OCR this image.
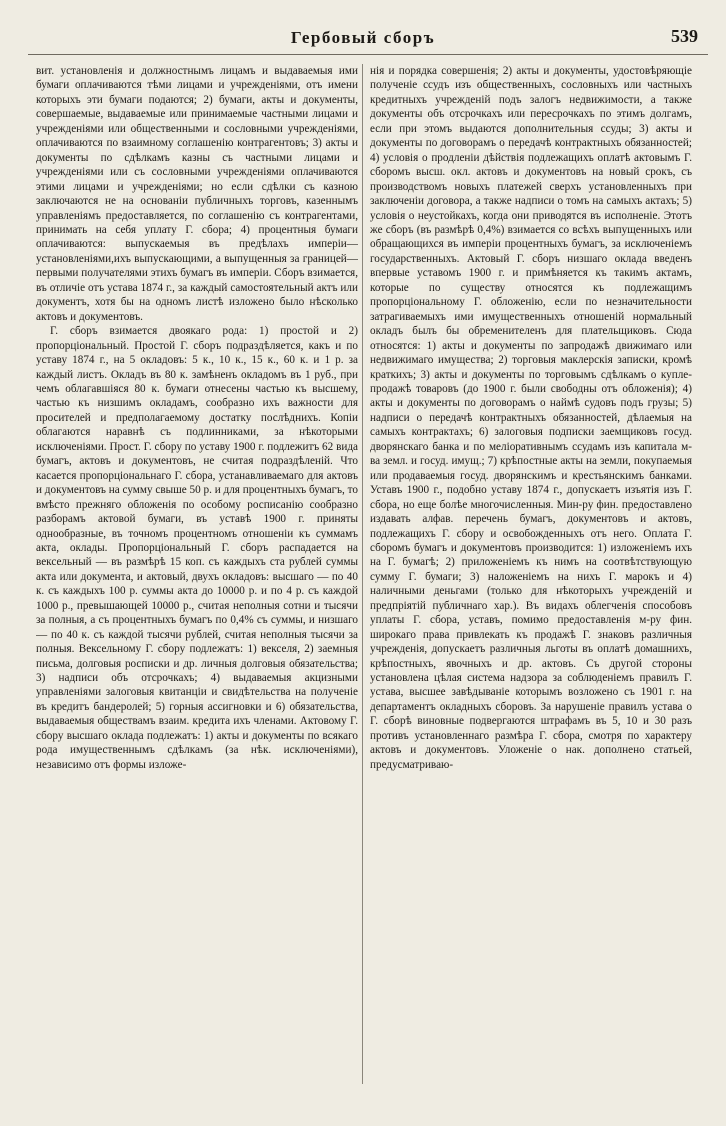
Гербовый сборъ	539

вит. установленія и должностнымъ лицамъ и выдаваемыя ими бумаги оплачиваются тѣми лицами и учрежденіями, отъ имени которыхъ эти бумаги подаются; 2) бумаги, акты и документы, совершаемые, выдаваемые или принимаемые частными лицами и учрежденіями или общественными и сословными учрежденіями, оплачиваются по взаимному соглашенію контрагентовъ; 3) акты и документы по сдѣлкамъ казны съ частными лицами и учрежденіями или съ сословными учрежденіями оплачиваются этими лицами и учрежденіями; но если сдѣлки съ казною заключаются не на основаніи публичныхъ торговъ, казеннымъ управленіямъ предоставляется, по соглашенію съ контрагентами, принимать на себя уплату Г. сбора; 4) процентныя бумаги оплачиваются: выпускаемыя въ предѣлахъ имперіи—установленіями,ихъ выпускающими, а выпущенныя за границей—первыми получателями этихъ бумагъ въ имперіи. Сборъ взимается, въ отличіе отъ устава 1874 г., за каждый самостоятельный актъ или документъ, хотя бы на одномъ листѣ изложено было нѣсколько актовъ и документовъ.

Г. сборъ взимается двоякаго рода: 1) простой и 2) пропорціональный. Простой Г. сборъ подраздѣляется, какъ и по уставу 1874 г., на 5 окладовъ: 5 к., 10 к., 15 к., 60 к. и 1 р. за каждый листъ. Окладъ въ 80 к. замѣненъ окладомъ въ 1 руб., при чемъ облагавшіяся 80 к. бумаги отнесены частью къ высшему, частью къ низшимъ окладамъ, сообразно ихъ важности для просителей и предполагаемому достатку послѣднихъ. Копіи облагаются наравнѣ съ подлинниками, за нѣкоторыми исключеніями. Прост. Г. сбору по уставу 1900 г. подлежитъ 62 вида бумагъ, актовъ и документовъ, не считая подраздѣленій. Что касается пропорціональнаго Г. сбора, устанавливаемаго для актовъ и документовъ на сумму свыше 50 р. и для процентныхъ бумагъ, то вмѣсто прежняго обложенія по особому росписанію сообразно разборамъ актовой бумаги, въ уставѣ 1900 г. приняты однообразные, въ точномъ процентномъ отношеніи къ суммамъ акта, оклады. Пропорціональный Г. сборъ распадается на вексельный — въ размѣрѣ 15 коп. съ каждыхъ ста рублей суммы акта или документа, и актовый, двухъ окладовъ: высшаго — по 40 к. съ каждыхъ 100 р. суммы акта до 10000 р. и по 4 р. съ каждой 1000 р., превышающей 10000 р., считая неполныя сотни и тысячи за полныя, а съ процентныхъ бумагъ по 0,4% съ суммы, и низшаго — по 40 к. съ каждой тысячи рублей, считая неполныя тысячи за полныя. Вексельному Г. сбору подлежатъ: 1) векселя, 2) заемныя письма, долговыя росписки и др. личныя долговыя обязательства; 3) надписи объ отсрочкахъ; 4) выдаваемыя акцизными управленіями залоговыя квитанціи и свидѣтельства на полученіе въ кредитъ бандеролей; 5) горныя ассигновки и 6) обязательства, выдаваемыя обществамъ взаим. кредита ихъ членами. Актовому Г. сбору высшаго оклада подлежатъ: 1) акты и документы по всякаго рода имущественнымъ сдѣлкамъ (за нѣк. исключеніями), независимо отъ формы изложе-

нія и порядка совершенія; 2) акты и документы, удостовѣряющіе полученіе ссудъ изъ общественныхъ, сословныхъ или частныхъ кредитныхъ учрежденій подъ залогъ недвижимости, а также документы объ отсрочкахъ или пересрочкахъ по этимъ долгамъ, если при этомъ выдаются дополнительныя ссуды; 3) акты и документы по договорамъ о передачѣ контрактныхъ обязанностей; 4) условія о продленіи дѣйствія подлежащихъ оплатѣ актовымъ Г. сборомъ высш. окл. актовъ и документовъ на новый срокъ, съ производствомъ новыхъ платежей сверхъ установленныхъ при заключеніи договора, а также надписи о томъ на самыхъ актахъ; 5) условія о неустойкахъ, когда они приводятся въ исполненіе. Этотъ же сборъ (въ размѣрѣ 0,4%) взимается со всѣхъ выпущенныхъ или обращающихся въ имперіи процентныхъ бумагъ, за исключеніемъ государственныхъ. Актовый Г. сборъ низшаго оклада введенъ впервые уставомъ 1900 г. и примѣняется къ такимъ актамъ, которые по существу относятся къ подлежащимъ пропорціональному Г. обложенію, если по незначительности затрагиваемыхъ ими имущественныхъ отношеній нормальный окладъ былъ бы обременителенъ для плательщиковъ. Сюда относятся: 1) акты и документы по запродажѣ движимаго или недвижимаго имущества; 2) торговыя маклерскія записки, кромѣ краткихъ; 3) акты и документы по торговымъ сдѣлкамъ о купле-продажѣ товаровъ (до 1900 г. были свободны отъ обложенія); 4) акты и документы по договорамъ о наймѣ судовъ подъ грузы; 5) надписи о передачѣ контрактныхъ обязанностей, дѣлаемыя на самыхъ контрактахъ; 6) залоговыя подписки заемщиковъ госуд. дворянскаго банка и по меліоративнымъ ссудамъ изъ капитала м-ва земл. и госуд. имущ.; 7) крѣпостные акты на земли, покупаемыя или продаваемыя госуд. дворянскимъ и крестьянскимъ банками. Уставъ 1900 г., подобно уставу 1874 г., допускаетъ изъятія изъ Г. сбора, но еще болѣе многочисленныя. Мин-ру фин. предоставлено издавать алфав. перечень бумагъ, документовъ и актовъ, подлежащихъ Г. сбору и освобожденныхъ отъ него. Оплата Г. сборомъ бумагъ и документовъ производится: 1) изложеніемъ ихъ на Г. бумагѣ; 2) приложеніемъ къ нимъ на соотвѣтствующую сумму Г. бумаги; 3) наложеніемъ на нихъ Г. марокъ и 4) наличными деньгами (только для нѣкоторыхъ учрежденій и предпріятій публичнаго хар.). Въ видахъ облегченія способовъ уплаты Г. сбора, уставъ, помимо предоставленія м-ру фин. широкаго права привлекать къ продажѣ Г. знаковъ различныя учрежденія, допускаетъ различныя льготы въ оплатѣ домашнихъ, крѣпостныхъ, явочныхъ и др. актовъ. Съ другой стороны установлена цѣлая система надзора за соблюденіемъ правилъ Г. устава, высшее завѣдываніе которымъ возложено съ 1901 г. на департаментъ окладныхъ сборовъ. За нарушеніе правилъ устава о Г. сборѣ виновные подвергаются штрафамъ въ 5, 10 и 30 разъ противъ установленнаго размѣра Г. сбора, смотря по характеру актовъ и документовъ. Уложеніе о нак. дополнено статьей, предусматриваю-
